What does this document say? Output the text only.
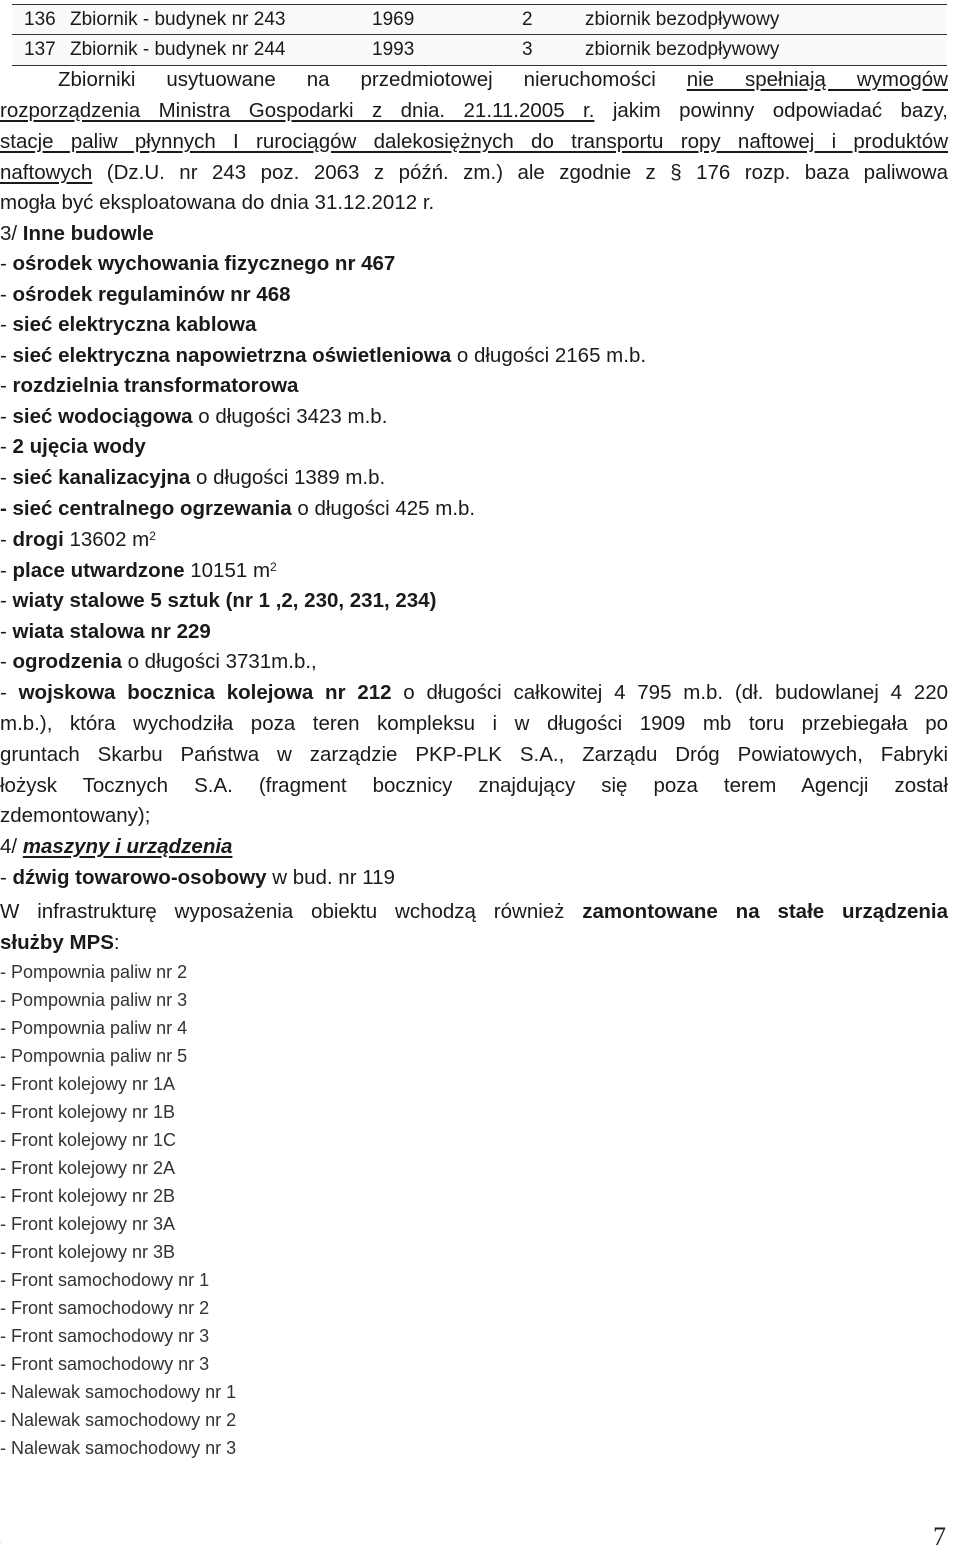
136 Zbiornik - budynek nr 243	1969	2	zbiornik bezodpływowy
137 Zbiornik - budynek nr 244	1993	3	zbiornik bezodpływowy
Zbiorniki usytuowane na przedmiotowej nieruchomości nie spełniają wymogów
rozporządzenia Ministra Gospodarki z dnia. 21.11.2005 r. jakim powinny odpowiadać bazy,
stacje paliw płynnych I rurociągów dalekosiężnych do transportu ropy naftowej i produktów
naftowych (Dz.U. nr 243 poz. 2063 z późń. zm.) ale zgodnie z § 176 rozp. baza paliwowa
mogła być eksploatowana do dnia 31.12.2012 r.
3/ Inne budowle
- ośrodek wychowania fizycznego nr 467
- ośrodek regulaminów nr 468
- sieć elektryczna kablowa
- sieć elektryczna napowietrzna oświetleniowa o długości 2165 m.b.
- rozdzielnia transformatorowa
- sieć wodociągowa o długości 3423 m.b.
- 2 ujęcia wody
- sieć kanalizacyjna o długości 1389 m.b.
- sieć centralnego ogrzewania o długości 425 m.b.
- drogi 13602 $m^2$
- place utwardzone 10151 $m^2$
- wiaty stalowe 5 sztuk (nr 1 ,2, 230, 231, 234)
- wiata stalowa nr 229
- ogrodzenia o długości 3731m.b.,
- wojskowa bocznica kolejowa nr 212 o długości całkowitej 4 795 m.b. (dł. budowlanej 4 220
m.b.), która wychodziła poza teren kompleksu i w długości 1909 mb toru przebiegała po
gruntach Skarbu Państwa w zarządzie PKP-PLK S.A., Zarządu Dróg Powiatowych, Fabryki
łożysk Tocznych S.A. (fragment bocznicy znajdujący się poza terem Agencji został
zdemontowany);
4/ maszyny i urządzenia
- dźwig towarowo-osobowy w bud. nr 119
W infrastrukturę wyposażenia obiektu wchodzą również zamontowane na stałe urządzenia
służby MPS:
- Pompownia paliw nr 2
- Pompownia paliw nr 3
- Pompownia paliw nr 4
- Pompownia paliw nr 5
- Front kolejowy nr 1A
- Front kolejowy nr 1B
- Front kolejowy nr 1C
- Front kolejowy nr 2A
- Front kolejowy nr 2B
- Front kolejowy nr 3A
- Front kolejowy nr 3B
- Front samochodowy nr 1
- Front samochodowy nr 2
- Front samochodowy nr 3
- Front samochodowy nr 3
- Nalewak samochodowy nr 1
- Nalewak samochodowy nr 2
- Nalewak samochodowy nr 3
.	7
